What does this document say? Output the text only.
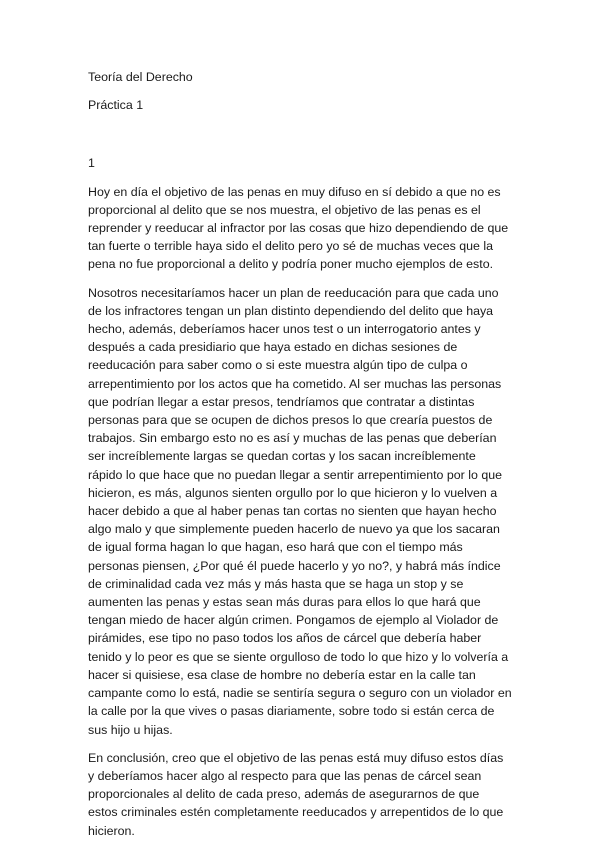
Teoría del Derecho

Práctica 1

1

Hoy en día el objetivo de las penas en muy difuso en sí debido a que no es proporcional al delito que se nos muestra, el objetivo de las penas es el reprender y reeducar al infractor por las cosas que hizo dependiendo de que tan fuerte o terrible haya sido el delito pero yo sé de muchas veces que la pena no fue proporcional a delito y podría poner mucho ejemplos de esto.

Nosotros necesitaríamos hacer un plan de reeducación para que cada uno de los infractores tengan un plan distinto dependiendo del delito que haya hecho, además, deberíamos hacer unos test o un interrogatorio antes y después a cada presidiario que haya estado en dichas sesiones de reeducación para saber como o si este muestra algún tipo de culpa o arrepentimiento por los actos que ha cometido. Al ser muchas las personas que podrían llegar a estar presos, tendríamos que contratar a distintas personas para que se ocupen de dichos presos lo que crearía puestos de trabajos. Sin embargo esto no es así y muchas de las penas que deberían ser increíblemente largas se quedan cortas y los sacan increíblemente rápido lo que hace que no puedan llegar a sentir arrepentimiento por lo que hicieron, es más, algunos sienten orgullo por lo que hicieron y lo vuelven a hacer debido a que al haber penas tan cortas no sienten que hayan hecho algo malo y que simplemente pueden hacerlo de nuevo ya que los sacaran de igual forma hagan lo que hagan, eso hará que con el tiempo más personas piensen, ¿Por qué él puede hacerlo y yo no?, y habrá más índice de criminalidad cada vez más y más hasta que se haga un stop y se aumenten las penas y estas sean más duras para ellos lo que hará que tengan miedo de hacer algún crimen. Pongamos de ejemplo al Violador de pirámides, ese tipo no paso todos los años de cárcel que debería haber tenido y lo peor es que se siente orgulloso de todo lo que hizo y lo volvería a hacer si quisiese, esa clase de hombre no debería estar en la calle tan campante como lo está, nadie se sentiría segura o seguro con un violador en la calle por la que vives o pasas diariamente, sobre todo si están cerca de sus hijo u hijas.

En conclusión, creo que el objetivo de las penas está muy difuso estos días y deberíamos hacer algo al respecto para que las penas de cárcel sean proporcionales al delito de cada preso, además de asegurarnos de que estos criminales estén completamente reeducados y arrepentidos de lo que hicieron.
